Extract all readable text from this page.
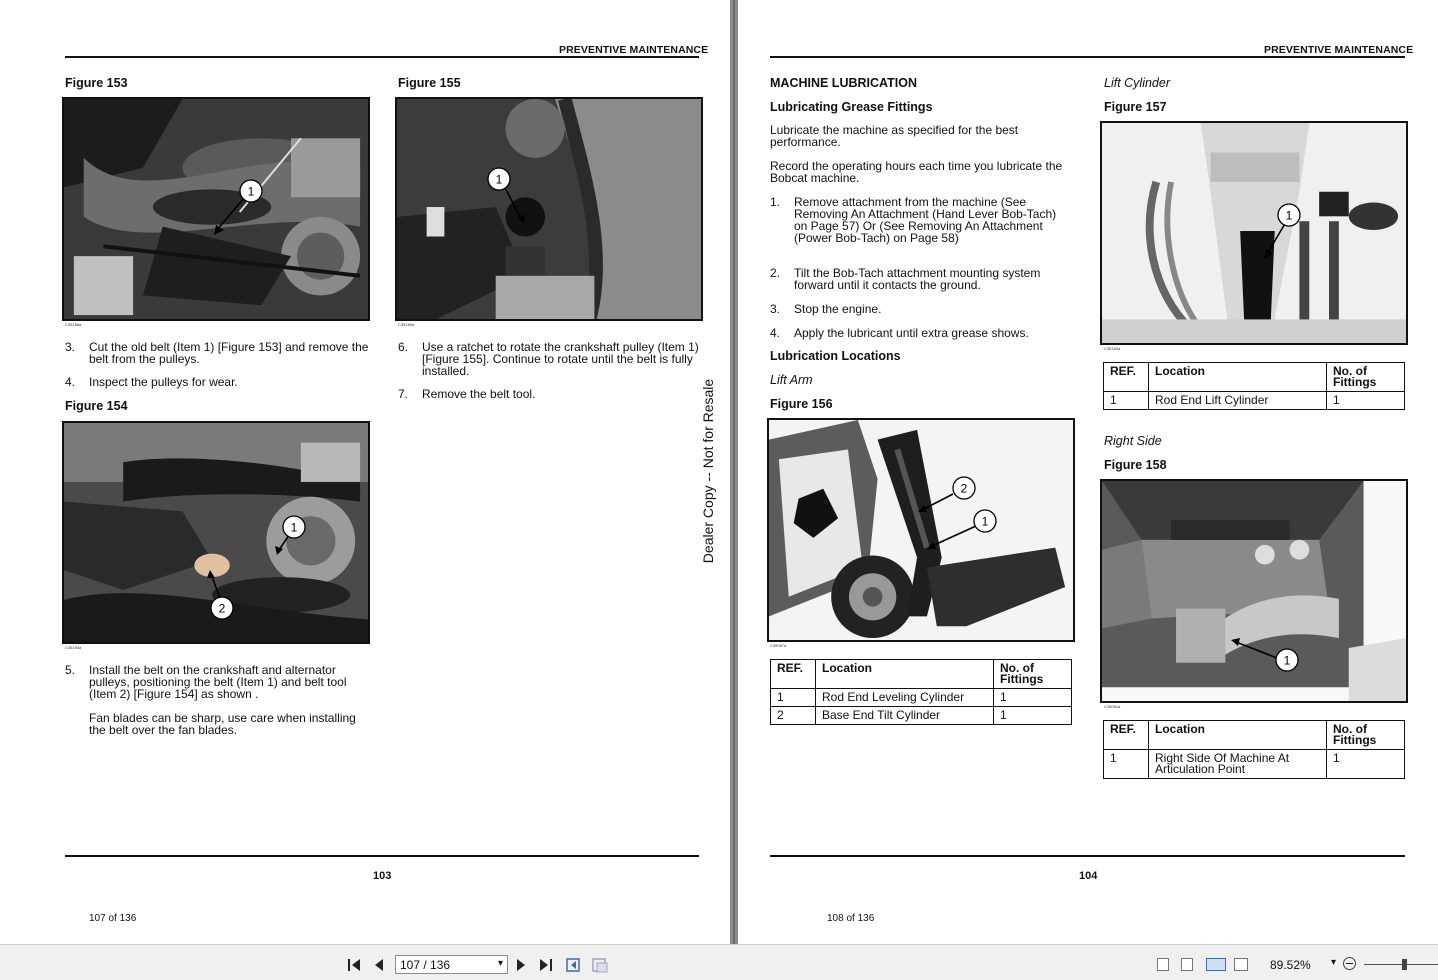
PREVENTIVE MAINTENANCE
Figure 153
1
C35188a
3. Cut the old belt (Item 1) [Figure 153] and remove the belt from the pulleys.
4. Inspect the pulleys for wear.
Figure 154
1
2
C35190a
5. Install the belt on the crankshaft and alternator pulleys, positioning the belt (Item 1) and belt tool (Item 2) [Figure 154] as shown .
Fan blades can be sharp, use care when installing the belt over the fan blades.
Figure 155
1
C35189a
6. Use a ratchet to rotate the crankshaft pulley (Item 1) [Figure 155]. Continue to rotate until the belt is fully installed.
7. Remove the belt tool.	Dealer Copy -- Not for Resale
103
107 of 136
PREVENTIVE MAINTENANCE
MACHINE LUBRICATION
Lubricating Grease Fittings
Lubricate the machine as specified for the best performance.
Record the operating hours each time you lubricate the Bobcat machine.
1. Remove attachment from the machine (See Removing An Attachment (Hand Lever Bob-Tach) on Page 57) Or (See Removing An Attachment (Power Bob-Tach) on Page 58)
2. Tilt the Bob-Tach attachment mounting system forward until it contacts the ground.
3. Stop the engine.
4. Apply the lubricant until extra grease shows.
Lubrication Locations
Lift Arm
Figure 156
2
1
C35067a
REF.	Location	No. of Fittings
1	Rod End Leveling Cylinder	1
2	Base End Tilt Cylinder	1
Lift Cylinder
Figure 157
1
C35160a
REF.	Location	No. of Fittings
1	Rod End Lift Cylinder	1
Right Side
Figure 158
1
C35061a
REF.	Location	No. of Fittings
1	Right Side Of Machine At Articulation Point	1
104
108 of 136
107 / 136	▾	89.52% ▾
